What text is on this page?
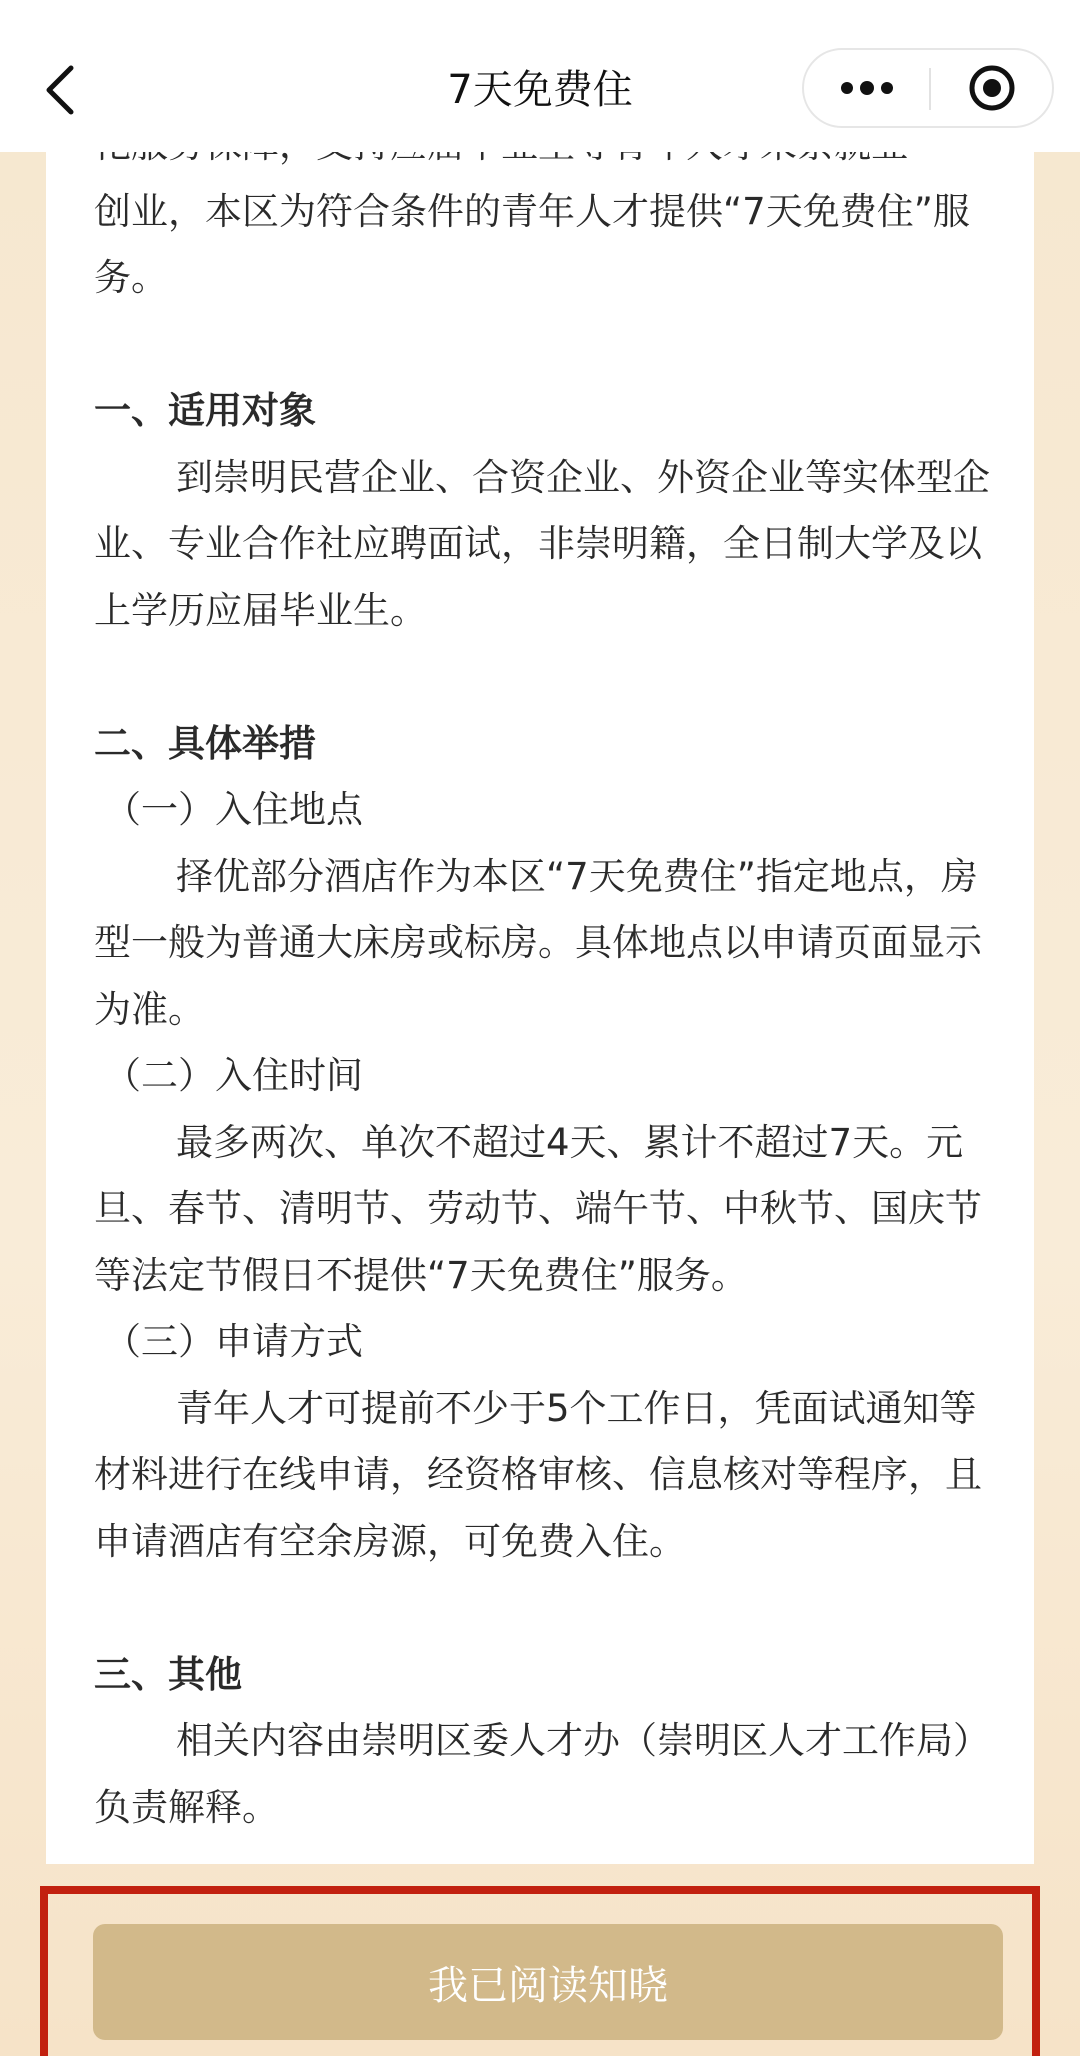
7天免费住

创业，本区为符合条件的青年人才提供“7天免费住”服务。

一、适用对象

到崇明民营企业、合资企业、外资企业等实体型企业、专业合作社应聘面试，非崇明籍，全日制大学及以上学历应届毕业生。

二、具体举措

（一）入住地点

择优部分酒店作为本区“7天免费住”指定地点，房型一般为普通大床房或标房。具体地点以申请页面显示为准。

（二）入住时间

最多两次、单次不超过4天、累计不超过7天。元旦、春节、清明节、劳动节、端午节、中秋节、国庆节等法定节假日不提供“7天免费住”服务。

（三）申请方式

青年人才可提前不少于5个工作日，凭面试通知等材料进行在线申请，经资格审核、信息核对等程序，且申请酒店有空余房源，可免费入住。

三、其他

相关内容由崇明区委人才办（崇明区人才工作局）负责解释。

我已阅读知晓
